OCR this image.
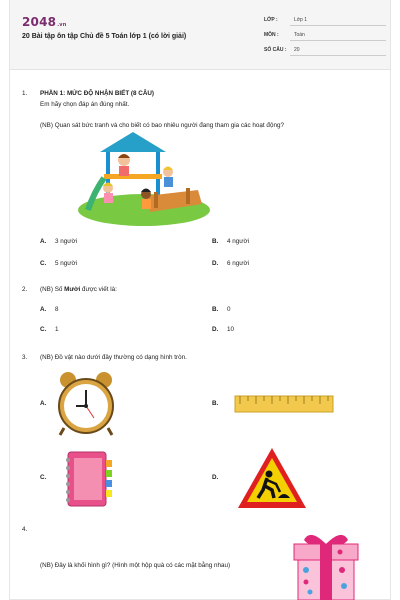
2048.vn
20 Bài tập ôn tập Chủ đề 5 Toán lớp 1 (có lời giải)
LỚP :	Lớp 1
MÔN :	Toán
SỐ CÂU : 20
1. PHẦN 1: MỨC ĐỘ NHẬN BIẾT (8 CÂU)
Em hãy chọn đáp án đúng nhất.
(NB) Quan sát bức tranh và cho biết có bao nhiêu người đang tham gia các hoạt động?
A. 3 người	B. 4 người
C. 5 người	D. 6 người
2. (NB) Số Mười được viết là:
A. 8	B. 0
C. 1	D. 10
3. (NB) Đồ vật nào dưới đây thường có dạng hình tròn.
A.	B.
C.	D.
4.
(NB) Đây là khối hình gì? (Hình một hộp quà có các mặt bằng nhau)
